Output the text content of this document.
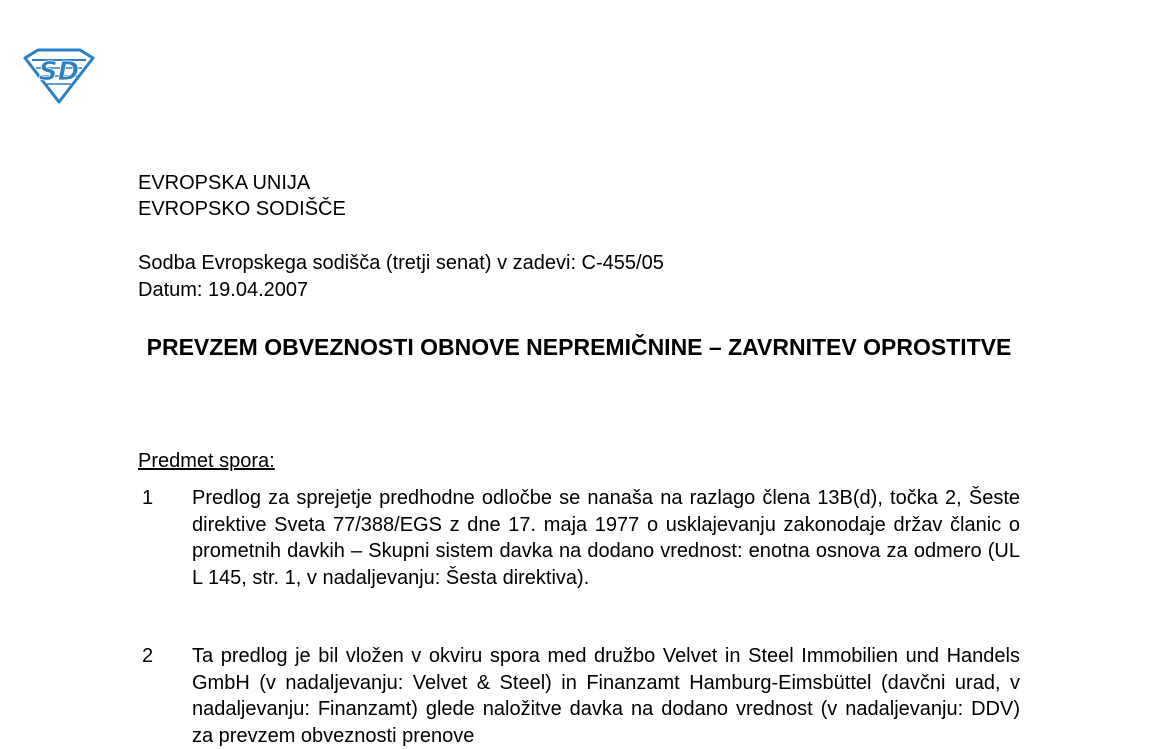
SD
EVROPSKA UNIJA
EVROPSKO SODIŠČE
Sodba Evropskega sodišča (tretji senat) v zadevi: C-455/05
Datum: 19.04.2007
PREVZEM OBVEZNOSTI OBNOVE NEPREMIČNINE – ZAVRNITEV OPROSTITVE
Predmet spora:
1 Predlog za sprejetje predhodne odločbe se nanaša na razlago člena 13B(d), točka 2, Šeste direktive Sveta 77/388/EGS z dne 17. maja 1977 o usklajevanju zakonodaje držav članic o prometnih davkih – Skupni sistem davka na dodano vrednost: enotna osnova za odmero (UL L 145, str. 1, v nadaljevanju: Šesta direktiva).
2 Ta predlog je bil vložen v okviru spora med družbo Velvet in Steel Immobilien und Handels GmbH (v nadaljevanju: Velvet & Steel) in Finanzamt Hamburg-Eimsbüttel (davčni urad, v nadaljevanju: Finanzamt) glede naložitve davka na dodano vrednost (v nadaljevanju: DDV) za prevzem obveznosti prenove
